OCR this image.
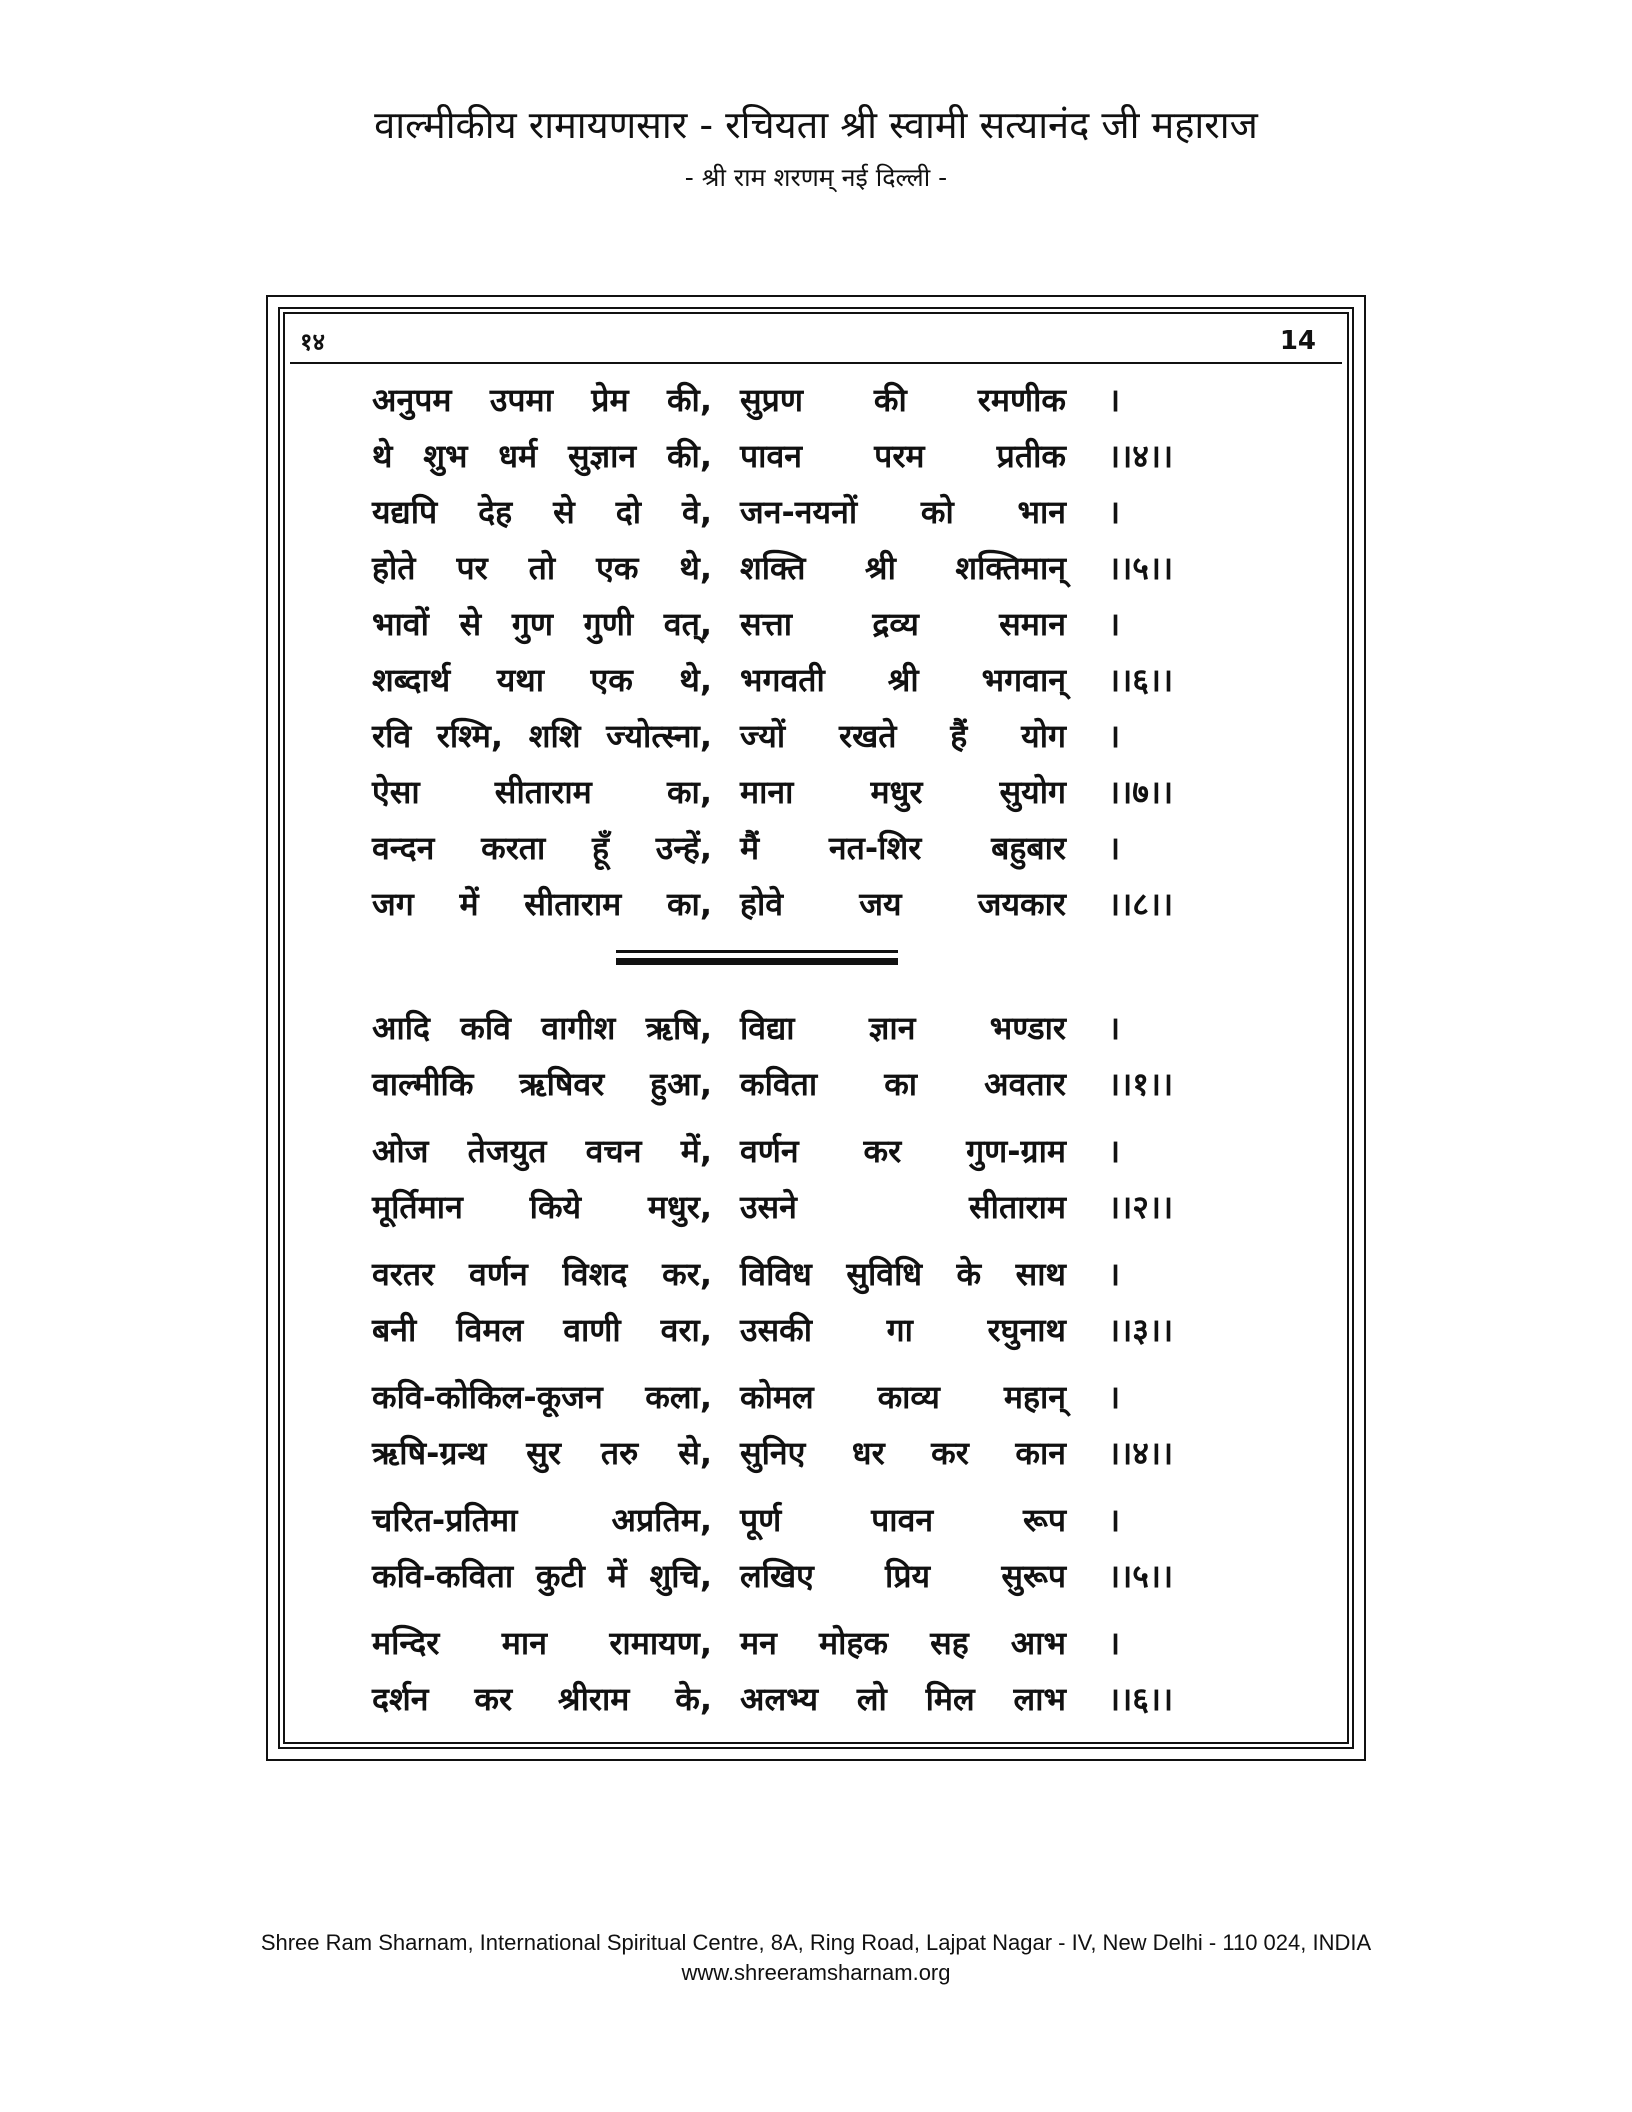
वाल्मीकीय रामायणसार - रचियता श्री स्वामी सत्यानंद जी महाराज
- श्री राम शरणम् नई दिल्ली -
१४	14
अनुपम उपमा प्रेम की, सुप्रण की रमणीक ।
थे शुभ धर्म सुज्ञान की, पावन परम प्रतीक ।।४।।
यद्यपि देह से दो वे, जन-नयनों को भान ।
होते पर तो एक थे, शक्ति श्री शक्तिमान् ।।५।।
भावों से गुण गुणी वत्, सत्ता द्रव्य समान ।
शब्दार्थ यथा एक थे, भगवती श्री भगवान् ।।६।।
रवि रश्मि, शशि ज्योत्स्ना, ज्यों रखते हैं योग ।
ऐसा सीताराम का, माना मधुर सुयोग ।।७।।
वन्दन करता हूँ उन्हें, मैं नत-शिर बहुबार ।
जग में सीताराम का, होवे जय जयकार ।।८।।
आदि कवि वागीश ऋषि, विद्या ज्ञान भण्डार ।
वाल्मीकि ऋषिवर हुआ, कविता का अवतार ।।१।।
ओज तेजयुत वचन में, वर्णन कर गुण-ग्राम ।
मूर्तिमान किये मधुर, उसने सीताराम ।।२।।
वरतर वर्णन विशद कर, विविध सुविधि के साथ ।
बनी विमल वाणी वरा, उसकी गा रघुनाथ ।।३।।
कवि-कोकिल-कूजन कला, कोमल काव्य महान् ।
ऋषि-ग्रन्थ सुर तरु से, सुनिए धर कर कान ।।४।।
चरित-प्रतिमा अप्रतिम, पूर्ण पावन रूप ।
कवि-कविता कुटी में शुचि, लखिए प्रिय सुरूप ।।५।।
मन्दिर मान रामायण, मन मोहक सह आभ ।
दर्शन कर श्रीराम के, अलभ्य लो मिल लाभ ।।६।।
Shree Ram Sharnam, International Spiritual Centre, 8A, Ring Road, Lajpat Nagar - IV, New Delhi - 110 024, INDIA
www.shreeramsharnam.org
